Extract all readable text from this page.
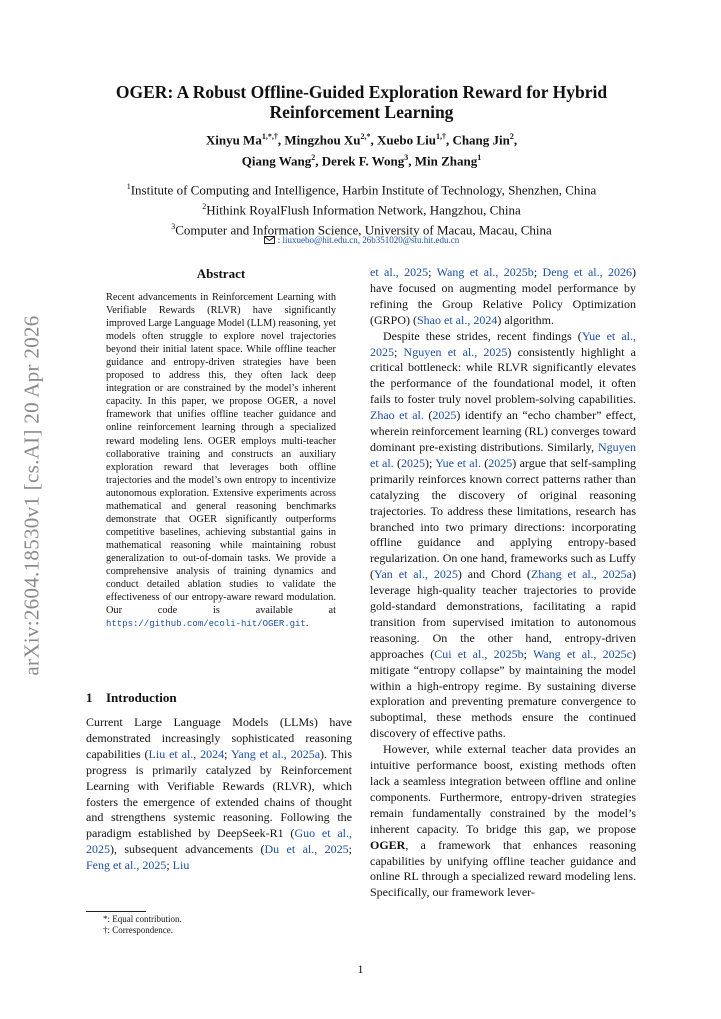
arXiv:2604.18530v1 [cs.AI] 20 Apr 2026
OGER: A Robust Offline-Guided Exploration Reward for Hybrid
Reinforcement Learning
Xinyu $Ma^{1,*,\dagger}$, Mingzhou $Xu^{2,*}$, Xuebo Liu$^{1,\dagger}$, Chang Jin$^2$,
Qiang Wang$^2$, Derek F. Wong$^3$, Min Zhang$^1$
$^1$Institute of Computing and Intelligence, Harbin Institute of Technology, Shenzhen, China
$^2$Hithink RoyalFlush Information Network, Hangzhou, China
$^3$Computer and Information Science, University of Macau, Macau, China
: liuxuebo@hit.edu.cn, 26b351020@stu.hit.edu.cn
Abstract
Recent advancements in Reinforcement Learning with Verifiable Rewards (RLVR) have significantly improved Large Language Model (LLM) reasoning, yet models often struggle to explore novel trajectories beyond their initial latent space. While offline teacher guidance and entropy-driven strategies have been proposed to address this, they often lack deep integration or are constrained by the model’s inherent capacity. In this paper, we propose OGER, a novel framework that unifies offline teacher guidance and online reinforcement learning through a specialized reward modeling lens. OGER employs multi-teacher collaborative training and constructs an auxiliary exploration reward that leverages both offline trajectories and the model’s own entropy to incentivize autonomous exploration. Extensive experiments across mathematical and general reasoning benchmarks demonstrate that OGER significantly outperforms competitive baselines, achieving substantial gains in mathematical reasoning while maintaining robust generalization to out-of-domain tasks. We provide a comprehensive analysis of training dynamics and conduct detailed ablation studies to validate the effectiveness of our entropy-aware reward modulation. Our code is available at https://github.com/ecoli-hit/OGER.git.
1 Introduction
Current Large Language Models (LLMs) have demonstrated increasingly sophisticated reasoning capabilities (Liu et al., 2024; Yang et al., 2025a). This progress is primarily catalyzed by Reinforcement Learning with Verifiable Rewards (RLVR), which fosters the emergence of extended chains of thought and strengthens systemic reasoning. Following the paradigm established by DeepSeek-R1 (Guo et al., 2025), subsequent advancements (Du et al., 2025; Feng et al., 2025; Liu
*: Equal contribution.
†: Correspondence.

et al., 2025; Wang et al., 2025b; Deng et al., 2026) have focused on augmenting model performance by refining the Group Relative Policy Optimization (GRPO) (Shao et al., 2024) algorithm.

Despite these strides, recent findings (Yue et al., 2025; Nguyen et al., 2025) consistently highlight a critical bottleneck: while RLVR significantly elevates the performance of the foundational model, it often fails to foster truly novel problem-solving capabilities. Zhao et al. (2025) identify an “echo chamber” effect, wherein reinforcement learning (RL) converges toward dominant pre-existing distributions. Similarly, Nguyen et al. (2025); Yue et al. (2025) argue that self-sampling primarily reinforces known correct patterns rather than catalyzing the discovery of original reasoning trajectories. To address these limitations, research has branched into two primary directions: incorporating offline guidance and applying entropy-based regularization. On one hand, frameworks such as Luffy (Yan et al., 2025) and Chord (Zhang et al., 2025a) leverage high-quality teacher trajectories to provide gold-standard demonstrations, facilitating a rapid transition from supervised imitation to autonomous reasoning. On the other hand, entropy-driven approaches (Cui et al., 2025b; Wang et al., 2025c) mitigate “entropy collapse” by maintaining the model within a high-entropy regime. By sustaining diverse exploration and preventing premature convergence to suboptimal, these methods ensure the continued discovery of effective paths.

However, while external teacher data provides an intuitive performance boost, existing methods often lack a seamless integration between offline and online components. Furthermore, entropy-driven strategies remain fundamentally constrained by the model’s inherent capacity. To bridge this gap, we propose OGER, a framework that enhances reasoning capabilities by unifying offline teacher guidance and online RL through a specialized reward modeling lens. Specifically, our framework lever-

1
